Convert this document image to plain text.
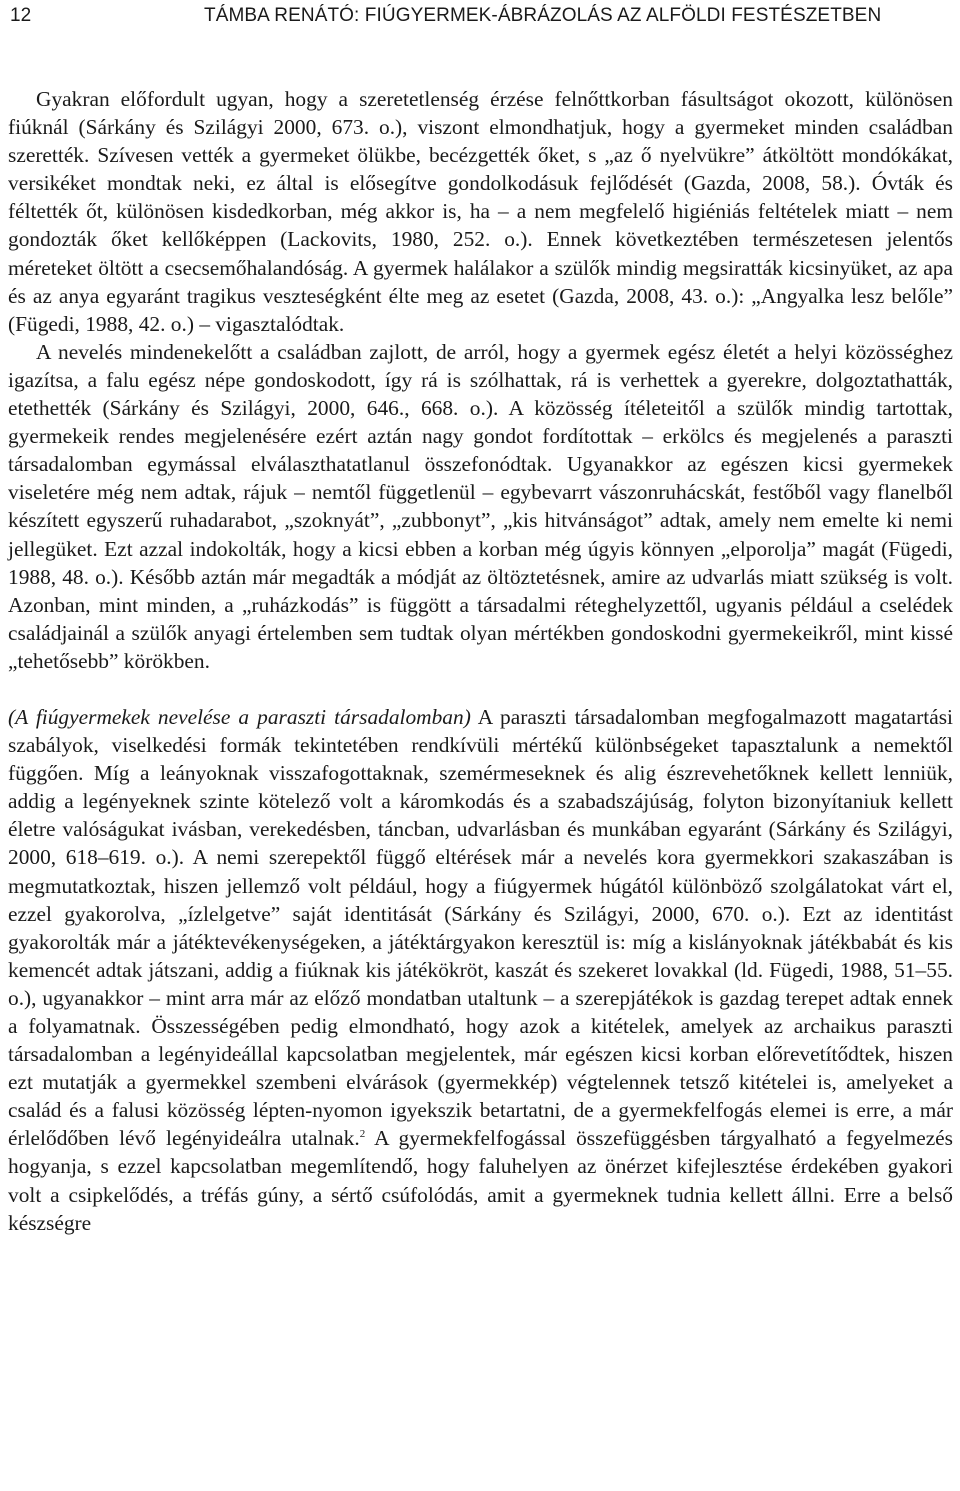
12	TÁMBA RENÁTÓ: FIÚGYERMEK-ÁBRÁZOLÁS AZ ALFÖLDI FESTÉSZETBEN

Gyakran előfordult ugyan, hogy a szeretetlenség érzése felnőttkorban fásultságot okozott, különösen fiúknál (Sárkány és Szilágyi 2000, 673. o.), viszont elmondhatjuk, hogy a gyermeket minden családban szerették. Szívesen vették a gyermeket ölükbe, becézgették őket, s „az ő nyelvükre” átköltött mondókákat, versikéket mondtak neki, ez által is elősegítve gondolkodásuk fejlődését (Gazda, 2008, 58.). Óvták és féltették őt, különösen kisdedkorban, még akkor is, ha – a nem megfelelő higiéniás feltételek miatt – nem gondozták őket kellőképpen (Lackovits, 1980, 252. o.). Ennek következtében természetesen jelentős méreteket öltött a csecsemőhalandóság. A gyermek halálakor a szülők mindig megsiratták kicsinyüket, az apa és az anya egyaránt tragikus veszteségként élte meg az esetet (Gazda, 2008, 43. o.): „Angyalka lesz belőle” (Fügedi, 1988, 42. o.) – vigasztalódtak.

A nevelés mindenekelőtt a családban zajlott, de arról, hogy a gyermek egész életét a helyi közösséghez igazítsa, a falu egész népe gondoskodott, így rá is szólhattak, rá is verhettek a gyerekre, dolgoztathatták, etethették (Sárkány és Szilágyi, 2000, 646., 668. o.). A közösség ítéleteitől a szülők mindig tartottak, gyermekeik rendes megjelenésére ezért aztán nagy gondot fordítottak – erkölcs és megjelenés a paraszti társadalomban egymással elválaszthatatlanul összefonódtak. Ugyanakkor az egészen kicsi gyermekek viseletére még nem adtak, rájuk – nemtől függetlenül – egybevarrt vászonruhácskát, festőből vagy flanelből készített egyszerű ruhadarabot, „szoknyát”, „zubbonyt”, „kis hitvánságot” adtak, amely nem emelte ki nemi jellegüket. Ezt azzal indokolták, hogy a kicsi ebben a korban még úgyis könnyen „elporolja” magát (Fügedi, 1988, 48. o.). Később aztán már megadták a módját az öltöztetésnek, amire az udvarlás miatt szükség is volt. Azonban, mint minden, a „ruházkodás” is függött a társadalmi réteghelyzettől, ugyanis például a cselédek családjainál a szülők anyagi értelemben sem tudtak olyan mértékben gondoskodni gyermekeikről, mint kissé „tehetősebb” körökben.

(A fiúgyermekek nevelése a paraszti társadalomban) A paraszti társadalomban megfogalmazott magatartási szabályok, viselkedési formák tekintetében rendkívüli mértékű különbségeket tapasztalunk a nemektől függően. Míg a leányoknak visszafogottaknak, szemérmeseknek és alig észrevehetőknek kellett lenniük, addig a legényeknek szinte kötelező volt a káromkodás és a szabadszájúság, folyton bizonyítaniuk kellett életre valóságukat ivásban, verekedésben, táncban, udvarlásban és munkában egyaránt (Sárkány és Szilágyi, 2000, 618–619. o.). A nemi szerepektől függő eltérések már a nevelés kora gyermekkori szakaszában is megmutatkoztak, hiszen jellemző volt például, hogy a fiúgyermek húgától különböző szolgálatokat várt el, ezzel gyakorolva, „ízlelgetve” saját identitását (Sárkány és Szilágyi, 2000, 670. o.). Ezt az identitást gyakorolták már a játéktevékenységeken, a játéktárgyakon keresztül is: míg a kislányoknak játékbabát és kis kemencét adtak játszani, addig a fiúknak kis játékökröt, kaszát és szekeret lovakkal (ld. Fügedi, 1988, 51–55. o.), ugyanakkor – mint arra már az előző mondatban utaltunk – a szerepjátékok is gazdag terepet adtak ennek a folyamatnak. Összességében pedig elmondható, hogy azok a kitételek, amelyek az archaikus paraszti társadalomban a legényideállal kapcsolatban megjelentek, már egészen kicsi korban előrevetítődtek, hiszen ezt mutatják a gyermekkel szembeni elvárások (gyermekkép) végtelennek tetsző kitételei is, amelyeket a család és a falusi közösség lépten-nyomon igyekszik betartatni, de a gyermekfelfogás elemei is erre, a már érlelődőben lévő legényideálra utalnak.$^2$ A gyermekfelfogással összefüggésben tárgyalható a fegyelmezés hogyanja, s ezzel kapcsolatban megemlítendő, hogy faluhelyen az önérzet kifejlesztése érdekében gyakori volt a csipkelődés, a tréfás gúny, a sértő csúfolódás, amit a gyermeknek tudnia kellett állni. Erre a belső készségre
